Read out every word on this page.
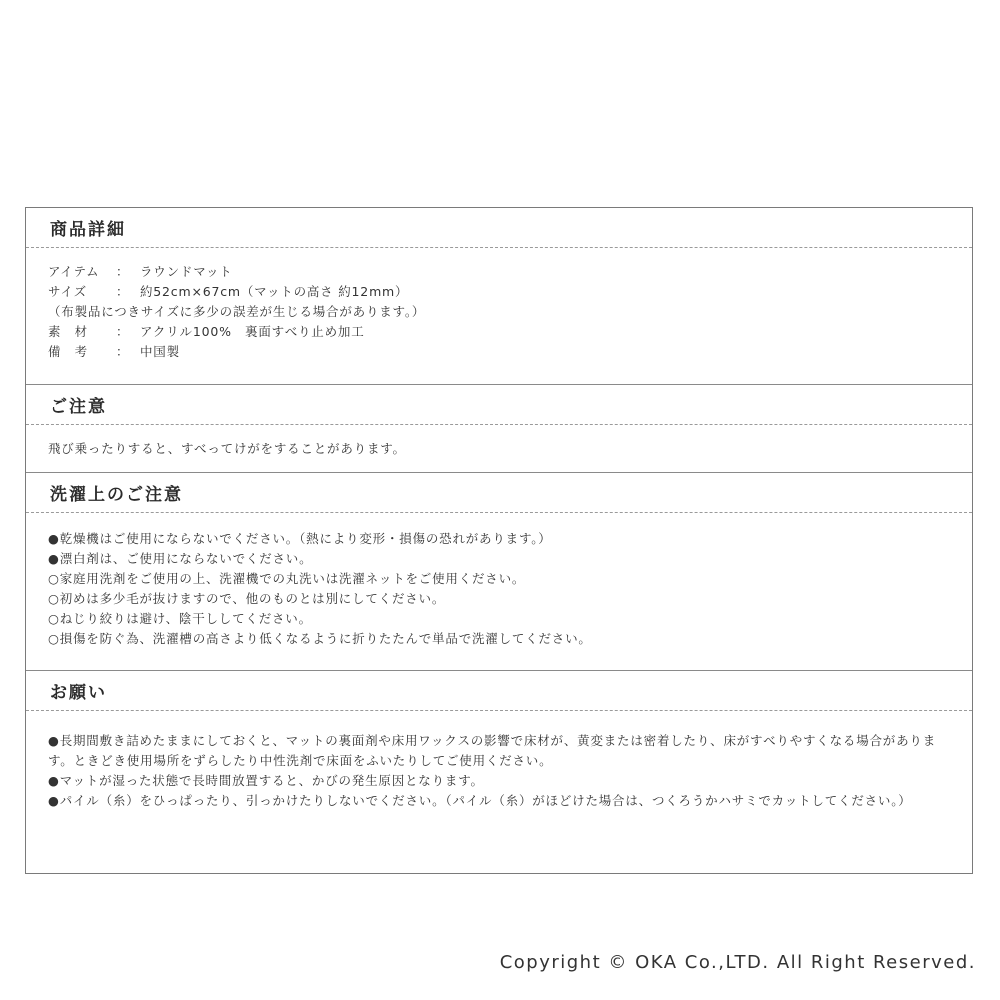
商品詳細
アイテム	： ラウンドマット
サイズ	： 約52cm×67cm（マットの高さ 約12mm）
（布製品につきサイズに多少の誤差が生じる場合があります。）
素　材	： アクリル100%　裏面すべり止め加工
備　考	： 中国製
ご注意
飛び乗ったりすると、すべってけがをすることがあります。
洗濯上のご注意
●乾燥機はご使用にならないでください。（熱により変形・損傷の恐れがあります。）
●漂白剤は、ご使用にならないでください。
○家庭用洗剤をご使用の上、洗濯機での丸洗いは洗濯ネットをご使用ください。
○初めは多少毛が抜けますので、他のものとは別にしてください。
○ねじり絞りは避け、陰干ししてください。
○損傷を防ぐ為、洗濯槽の高さより低くなるように折りたたんで単品で洗濯してください。
お願い
●長期間敷き詰めたままにしておくと、マットの裏面剤や床用ワックスの影響で床材が、黄変または密着したり、床がすべりやすくなる場合があります。ときどき使用場所をずらしたり中性洗剤で床面をふいたりしてご使用ください。
●マットが湿った状態で長時間放置すると、かびの発生原因となります。
●パイル（糸）をひっぱったり、引っかけたりしないでください。（パイル（糸）がほどけた場合は、つくろうかハサミでカットしてください。）
Copyright © OKA Co.,LTD. All Right Reserved.
